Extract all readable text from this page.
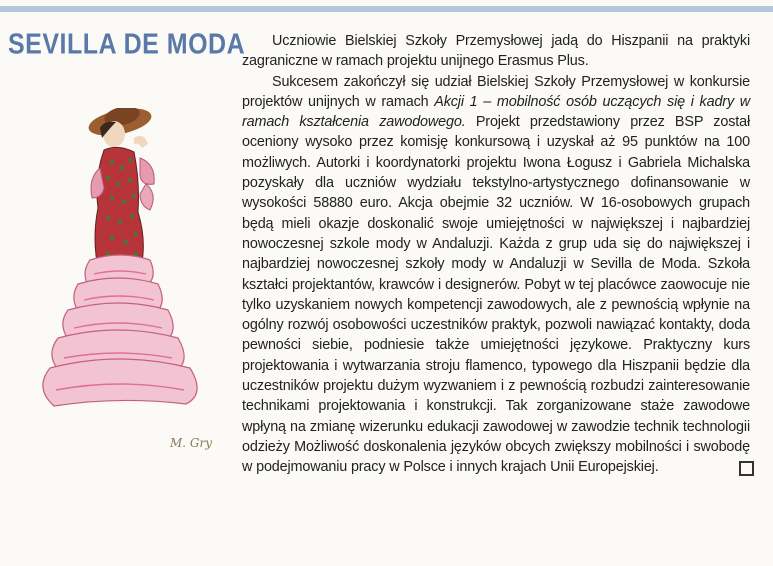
SEVILLA DE MODA
M. Gry

Uczniowie Bielskiej Szkoły Przemysłowej jadą do Hiszpanii na praktyki zagraniczne w ramach projektu unijnego Erasmus Plus.

Sukcesem zakończył się udział Bielskiej Szkoły Przemysłowej w konkursie projektów unijnych w ramach Akcji 1 – mobilność osób uczących się i kadry w ramach kształcenia zawodowego. Projekt przedstawiony przez BSP został oceniony wysoko przez komisję konkursową i uzyskał aż 95 punktów na 100 możliwych. Autorki i koordynatorki projektu Iwona Łogusz i Gabriela Michalska pozyskały dla uczniów wydziału tekstylno-artystycznego dofinansowanie w wysokości 58880 euro. Akcja obejmie 32 uczniów. W 16-osobowych grupach będą mieli okazje doskonalić swoje umiejętności w największej i najbardziej nowoczesnej szkole mody w Andaluzji. Każda z grup uda się do największej i najbardziej nowoczesnej szkoły mody w Andaluzji w Sevilla de Moda. Szkoła kształci projektantów, krawców i designerów. Pobyt w tej placówce zaowocuje nie tylko uzyskaniem nowych kompetencji zawodowych, ale z pewnością wpłynie na ogólny rozwój osobowości uczestników praktyk, pozwoli nawiązać kontakty, doda pewności siebie, podniesie także umiejętności językowe. Praktyczny kurs projektowania i wytwarzania stroju flamenco, typowego dla Hiszpanii będzie dla uczestników projektu dużym wyzwaniem i z pewnością rozbudzi zainteresowanie technikami projektowania i konstrukcji. Tak zorganizowane staże zawodowe wpłyną na zmianę wizerunku edukacji zawodowej w zawodzie technik technologii odzieży Możliwość doskonalenia języków obcych zwiększy mobilności i swobodę w podejmowaniu pracy w Polsce i innych krajach Unii Europejskiej.
